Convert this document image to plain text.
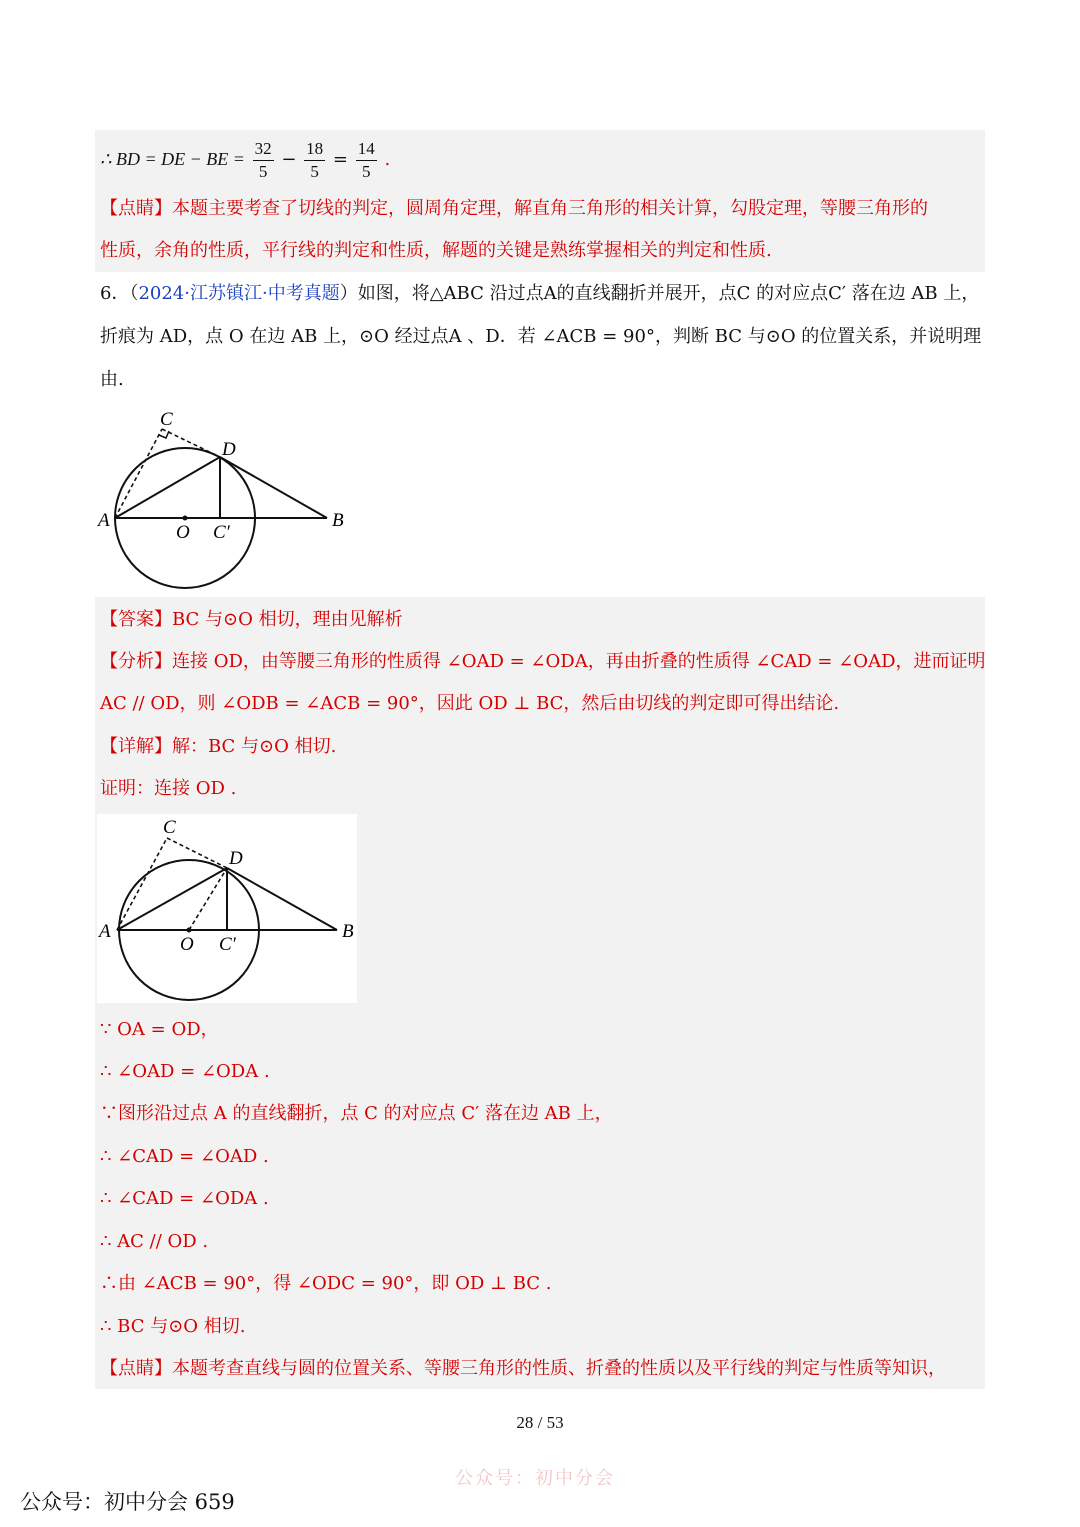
∴ BD = DE − BE = $\frac{32}{5} - \frac{18}{5} = \frac{14}{5}$ .
【点睛】本题主要考查了切线的判定，圆周角定理，解直角三角形的相关计算，勾股定理，等腰三角形的
性质，余角的性质，平行线的判定和性质，解题的关键是熟练掌握相关的判定和性质.
6．（2024·江苏镇江·中考真题）如图，将△ABC 沿过点A的直线翻折并展开，点C 的对应点C′ 落在边 AB 上，
折痕为 AD，点 O 在边 AB 上，⊙O 经过点A 、D．若 ∠ACB = 90°，判断 BC 与⊙O 的位置关系，并说明理
由.
A	B
C
D
O C′
【答案】BC 与⊙O 相切，理由见解析
【分析】连接 OD，由等腰三角形的性质得 ∠OAD = ∠ODA，再由折叠的性质得 ∠CAD = ∠OAD，进而证明
AC // OD，则 ∠ODB = ∠ACB = 90°，因此 OD ⊥ BC，然后由切线的判定即可得出结论.
【详解】解：BC 与⊙O 相切.
证明：连接 OD .
A	B
C
D
O C′
∵ OA = OD，
∴ ∠OAD = ∠ODA .
∵图形沿过点 A 的直线翻折，点 C 的对应点 C′ 落在边 AB 上，
∴ ∠CAD = ∠OAD .
∴ ∠CAD = ∠ODA .
∴ AC // OD .
∴由 ∠ACB = 90°，得 ∠ODC = 90°，即 OD ⊥ BC .
∴ BC 与⊙O 相切.
【点睛】本题考查直线与圆的位置关系、等腰三角形的性质、折叠的性质以及平行线的判定与性质等知识，
28 / 53
公众号：初中分会
公众号：初中分会 659
